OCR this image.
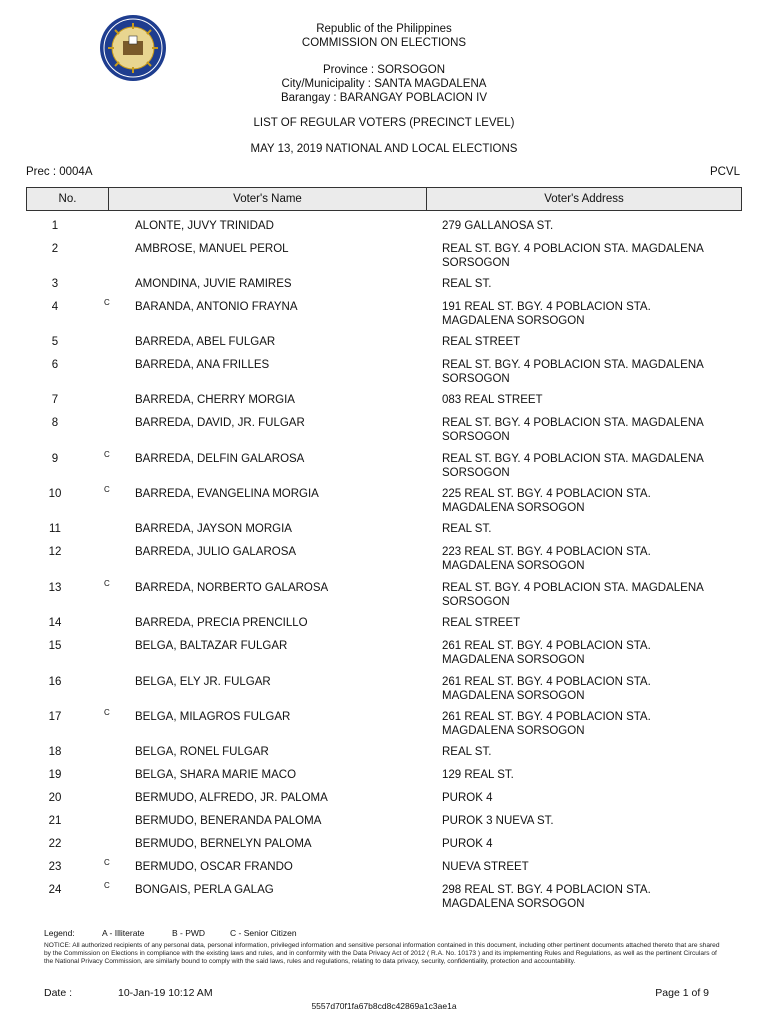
Republic of the Philippines
COMMISSION ON ELECTIONS
Province : SORSOGON
City/Municipality : SANTA MAGDALENA
Barangay : BARANGAY POBLACION IV
LIST OF REGULAR VOTERS (PRECINCT LEVEL)
MAY 13, 2019 NATIONAL AND LOCAL ELECTIONS
Prec : 0004A	PCVL
No.	Voter's Name	Voter's Address
1	ALONTE, JUVY TRINIDAD	279 GALLANOSA ST.
2	AMBROSE, MANUEL PEROL	REAL ST. BGY. 4 POBLACION STA. MAGDALENA
SORSOGON
3	AMONDINA, JUVIE RAMIRES	REAL ST.
4	C BARANDA, ANTONIO FRAYNA	191 REAL ST. BGY. 4 POBLACION STA.
MAGDALENA SORSOGON
5	BARREDA, ABEL FULGAR	REAL STREET
6	BARREDA, ANA FRILLES	REAL ST. BGY. 4 POBLACION STA. MAGDALENA
SORSOGON
7	BARREDA, CHERRY MORGIA	083 REAL STREET
8	BARREDA, DAVID, JR. FULGAR	REAL ST. BGY. 4 POBLACION STA. MAGDALENA
SORSOGON
9	C BARREDA, DELFIN GALAROSA	REAL ST. BGY. 4 POBLACION STA. MAGDALENA
SORSOGON
10	C BARREDA, EVANGELINA MORGIA	225 REAL ST. BGY. 4 POBLACION STA.
MAGDALENA SORSOGON
11	BARREDA, JAYSON MORGIA	REAL ST.
12	BARREDA, JULIO GALAROSA	223 REAL ST. BGY. 4 POBLACION STA.
MAGDALENA SORSOGON
13	C BARREDA, NORBERTO GALAROSA	REAL ST. BGY. 4 POBLACION STA. MAGDALENA
SORSOGON
14	BARREDA, PRECIA PRENCILLO	REAL STREET
15	BELGA, BALTAZAR FULGAR	261 REAL ST. BGY. 4 POBLACION STA.
MAGDALENA SORSOGON
16	BELGA, ELY JR. FULGAR	261 REAL ST. BGY. 4 POBLACION STA.
MAGDALENA SORSOGON
17	C BELGA, MILAGROS FULGAR	261 REAL ST. BGY. 4 POBLACION STA.
MAGDALENA SORSOGON
18	BELGA, RONEL FULGAR	REAL ST.
19	BELGA, SHARA MARIE MACO	129 REAL ST.
20	BERMUDO, ALFREDO, JR. PALOMA	PUROK 4
21	BERMUDO, BENERANDA PALOMA	PUROK 3 NUEVA ST.
22	BERMUDO, BERNELYN PALOMA	PUROK 4
23	C BERMUDO, OSCAR FRANDO	NUEVA STREET
24	C BONGAIS, PERLA GALAG	298 REAL ST. BGY. 4 POBLACION STA.
MAGDALENA SORSOGON
Legend:	A - Illiterate	B - PWD	C - Senior Citizen
NOTICE: All authorized recipients of any personal data, personal information, privileged information and sensitive personal information contained in this document, including other pertinent documents attached thereto that are shared by the Commission on Elections in compliance with the existing laws and rules, and in conformity with the Data Privacy Act of 2012 ( R.A. No. 10173 ) and its implementing Rules and Regulations, as well as the pertinent Circulars of the National Privacy Commission, are similarly bound to comply with the said laws, rules and regulations, relating to data privacy, security, confidentiality, protection and accountability.
Date :	10-Jan-19 10:12 AM	Page 1 of 9
5557d70f1fa67b8cd8c42869a1c3ae1a
